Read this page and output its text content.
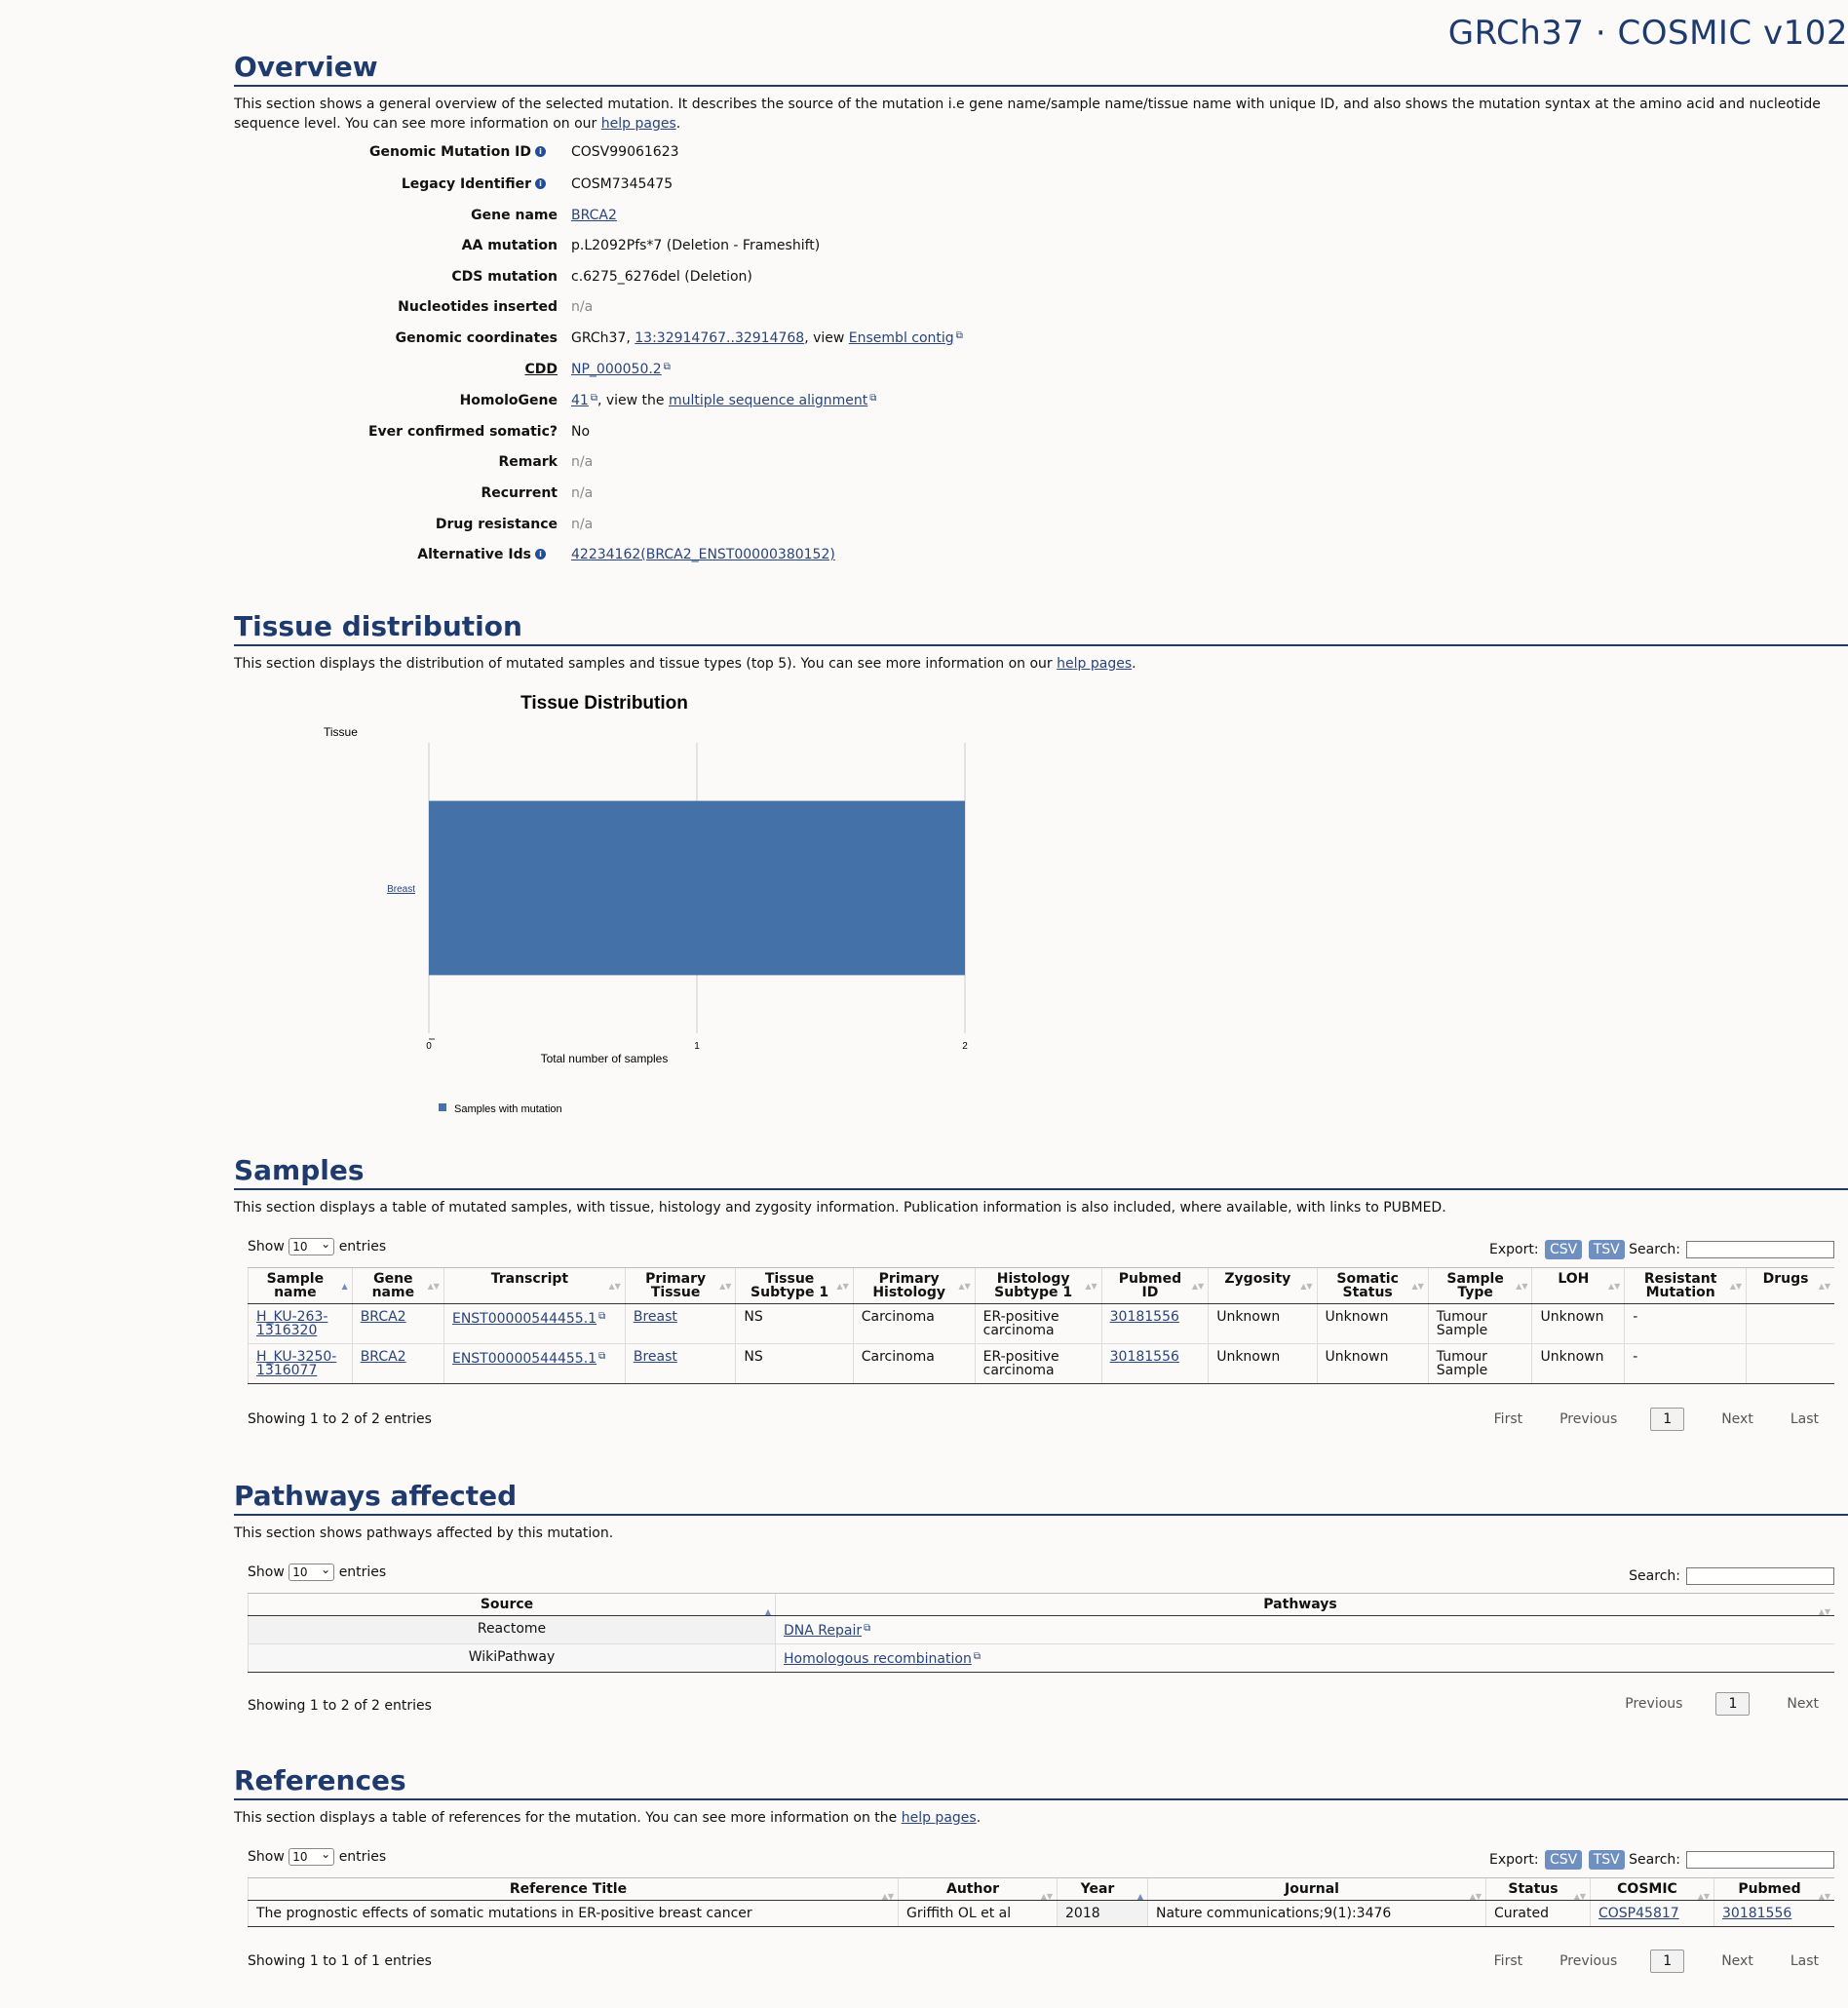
GRCh37 · COSMIC v102
Overview

This section shows a general overview of the selected mutation. It describes the source of the mutation i.e gene name/sample name/tissue name with unique ID, and also shows the mutation syntax at the amino acid and nucleotide sequence level. You can see more information on our help pages.

Genomic Mutation ID i COSV99061623
Legacy Identifier i COSM7345475
Gene name BRCA2
AA mutation p.L2092Pfs*7 (Deletion - Frameshift)
CDS mutation c.6275_6276del (Deletion)
Nucleotides inserted n/a
Genomic coordinates GRCh37, 13:32914767..32914768, view Ensembl contig ⧉
CDD NP_000050.2 ⧉
HomoloGene 41 ⧉, view the multiple sequence alignment ⧉
Ever confirmed somatic? No
Remark n/a
Recurrent n/a
Drug resistance n/a
Alternative Ids i 42234162(BRCA2_ENST00000380152)
Tissue distribution

This section displays the distribution of mutated samples and tissue types (top 5). You can see more information on our help pages.

Tissue Distribution
Tissue
Breast
0	1	2
Total number of samples
Samples with mutation
Samples

This section displays a table of mutated samples, with tissue, histology and zygosity information. Publication information is also included, where available, with links to PUBMED.

Show 10 ⌄ entries	Export: CSV TSV Search:
Sample name ▲	Gene name ▲▼	Transcript ▲▼	Primary Tissue ▲▼	Tissue Subtype 1 ▲▼	Primary Histology ▲▼	Histology Subtype 1 ▲▼	Pubmed ID ▲▼	Zygosity ▲▼	Somatic Status ▲▼	Sample Type ▲▼	LOH ▲▼	Resistant Mutation ▲▼	Drugs ▲▼

H_KU-263-1316320	BRCA2	ENST00000544455.1 ⧉	Breast	NS	Carcinoma	ER-positive carcinoma	30181556	Unknown	Unknown	Tumour Sample	Unknown	-	
H_KU-3250-1316077	BRCA2	ENST00000544455.1 ⧉	Breast	NS	Carcinoma	ER-positive carcinoma	30181556	Unknown	Unknown	Tumour Sample	Unknown	-	
Showing 1 to 2 of 2 entries	First	Previous	1	Next	Last
Pathways affected

This section shows pathways affected by this mutation.

Show 10 ⌄ entries	Search:
Source ▲	Pathways ▲▼

Reactome	DNA Repair ⧉
WikiPathway	Homologous recombination ⧉
Showing 1 to 2 of 2 entries	Previous	1	Next
References

This section displays a table of references for the mutation. You can see more information on the help pages.

Show 10 ⌄ entries	Export: CSV TSV Search:
Reference Title ▲▼	Author ▲▼	Year ▲	Journal ▲▼	Status ▲▼	COSMIC ▲▼	Pubmed ▲▼

The prognostic effects of somatic mutations in ER-positive breast cancer	Griffith OL et al	2018	Nature communications;9(1):3476	Curated	COSP45817	30181556
Showing 1 to 1 of 1 entries	First	Previous	1	Next	Last
